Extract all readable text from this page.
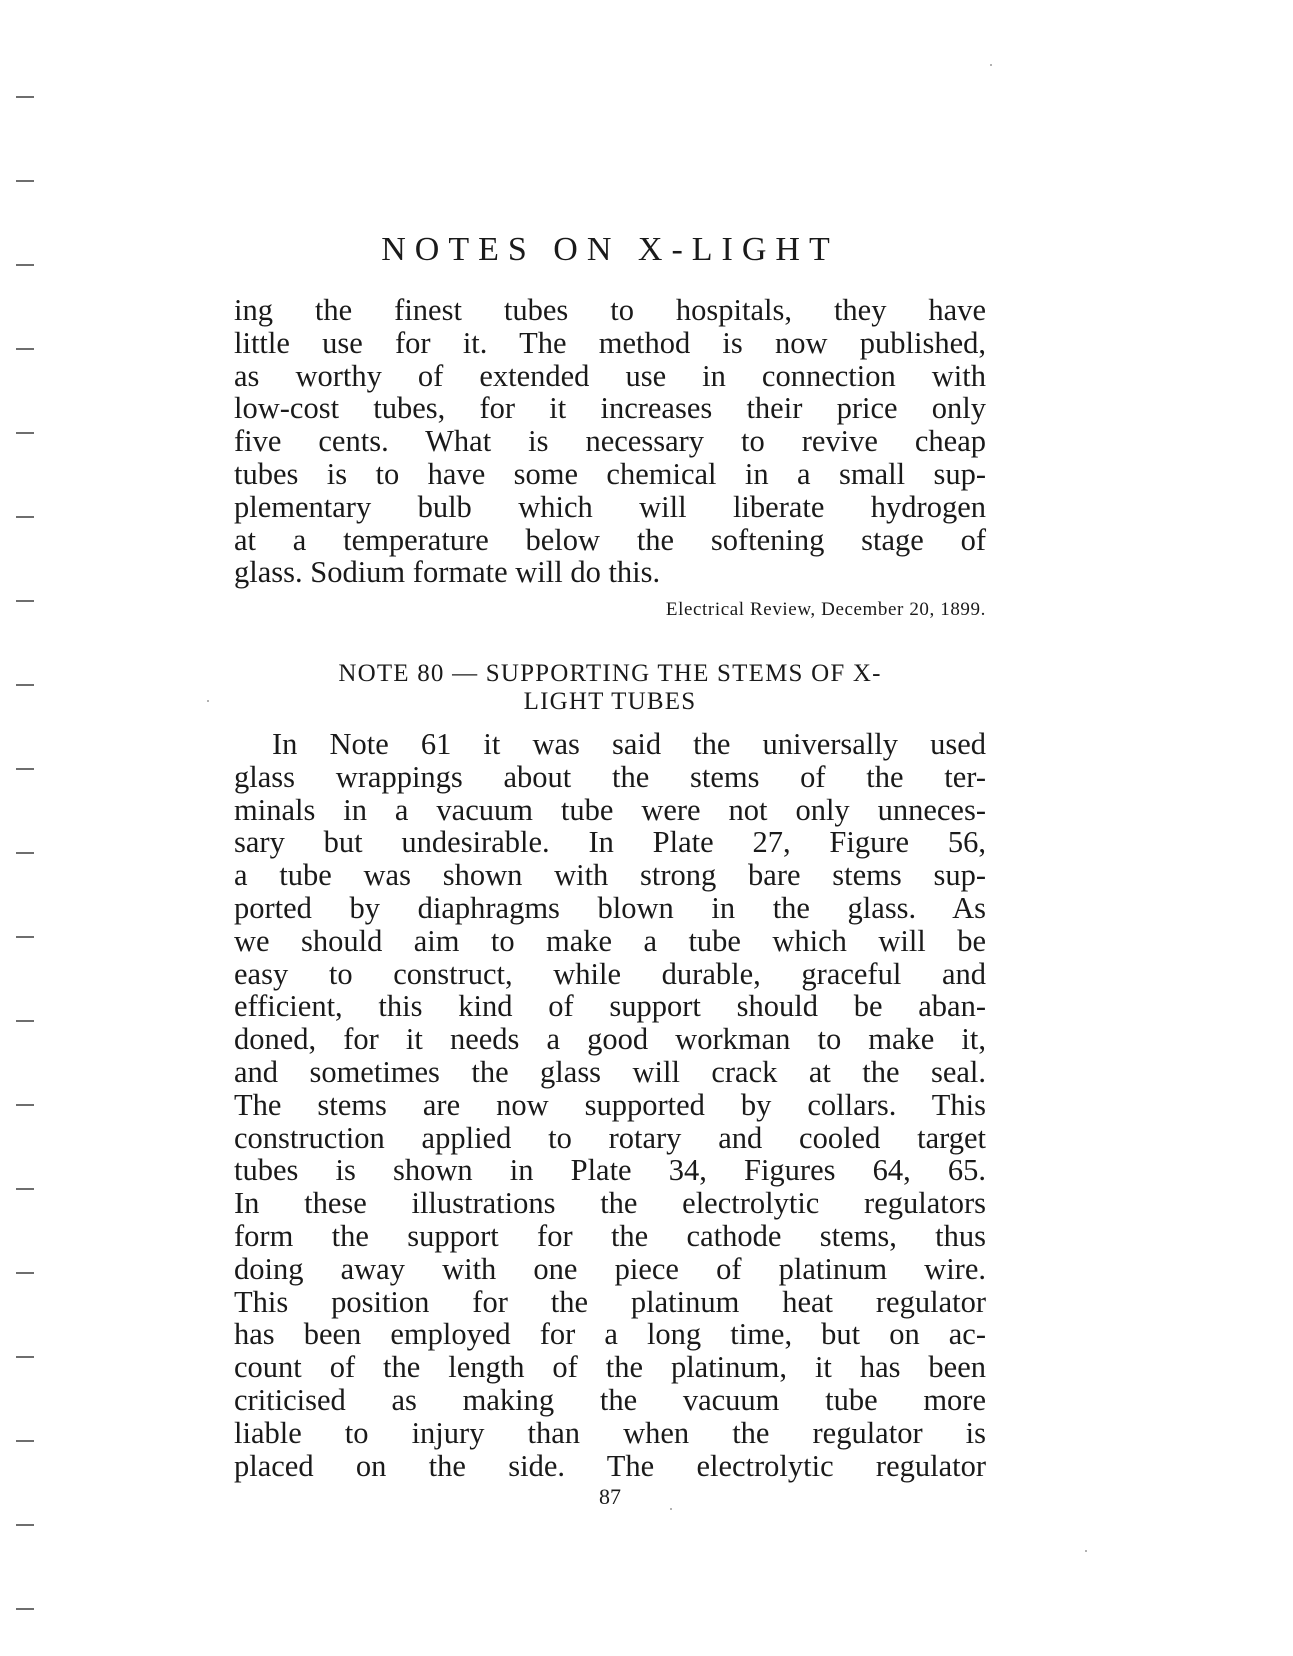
NOTES ON X-LIGHT
ing the finest tubes to hospitals, they have
little use for it. The method is now published,
as worthy of extended use in connection with
low-cost tubes, for it increases their price only
five cents. What is necessary to revive cheap
tubes is to have some chemical in a small sup-
plementary bulb which will liberate hydrogen
at a temperature below the softening stage of
glass. Sodium formate will do this.
Electrical Review, December 20, 1899.
NOTE 80 — SUPPORTING THE STEMS OF X-
LIGHT TUBES
In Note 61 it was said the universally used
glass wrappings about the stems of the ter-
minals in a vacuum tube were not only unneces-
sary but undesirable. In Plate 27, Figure 56,
a tube was shown with strong bare stems sup-
ported by diaphragms blown in the glass. As
we should aim to make a tube which will be
easy to construct, while durable, graceful and
efficient, this kind of support should be aban-
doned, for it needs a good workman to make it,
and sometimes the glass will crack at the seal.
The stems are now supported by collars. This
construction applied to rotary and cooled target
tubes is shown in Plate 34, Figures 64, 65.
In these illustrations the electrolytic regulators
form the support for the cathode stems, thus
doing away with one piece of platinum wire.
This position for the platinum heat regulator
has been employed for a long time, but on ac-
count of the length of the platinum, it has been
criticised as making the vacuum tube more
liable to injury than when the regulator is
placed on the side. The electrolytic regulator
87
